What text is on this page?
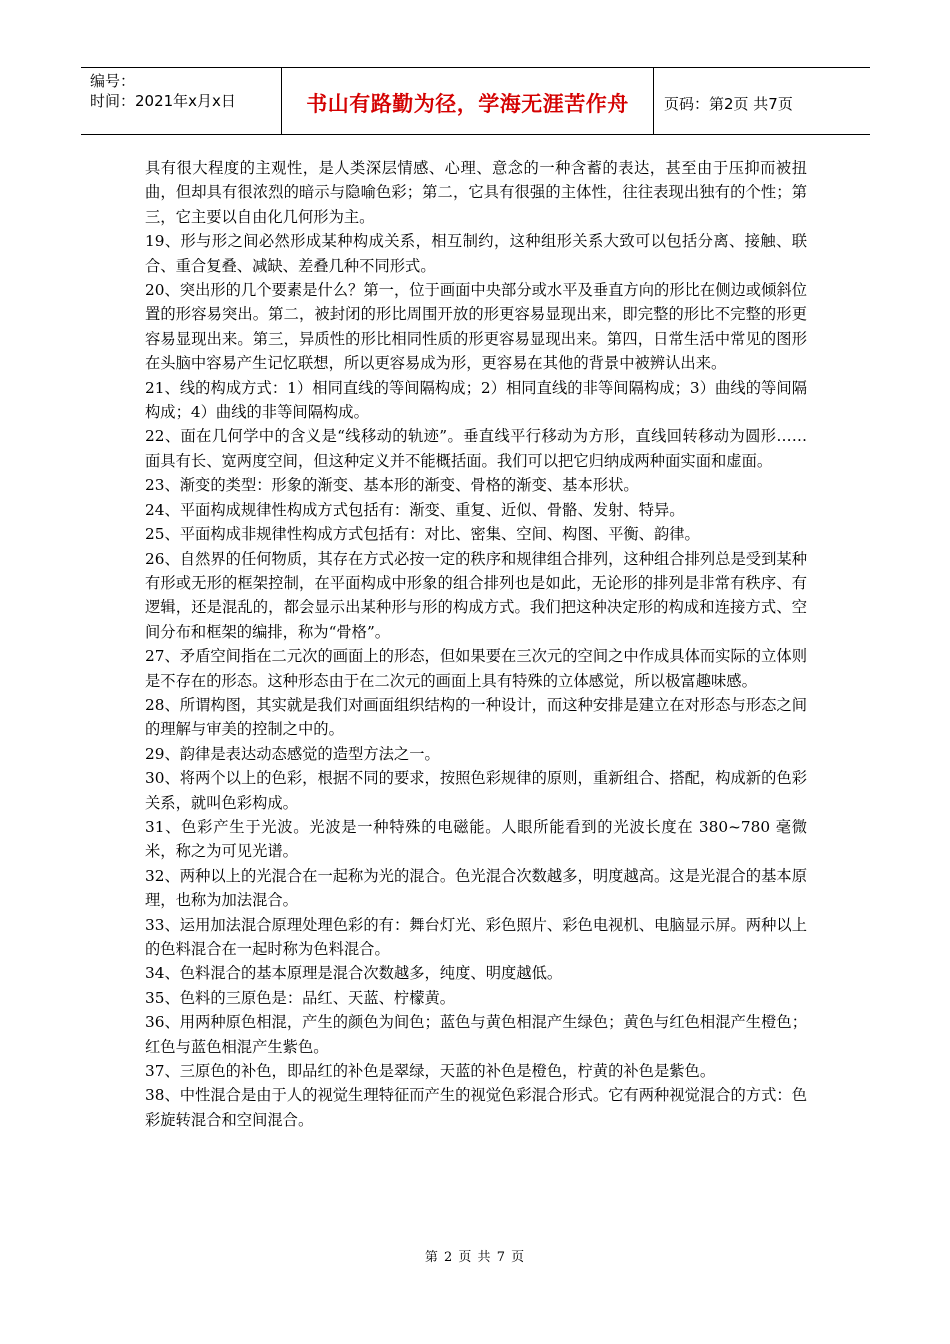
编号：
时间：2021年x月x日	书山有路勤为径，学海无涯苦作舟 页码：第2页 共7页

具有很大程度的主观性，是人类深层情感、心理、意念的一种含蓄的表达，甚至由于压抑而被扭曲，但却具有很浓烈的暗示与隐喻色彩；第二，它具有很强的主体性，往往表现出独有的个性；第三，它主要以自由化几何形为主。

19、形与形之间必然形成某种构成关系，相互制约，这种组形关系大致可以包括分离、接触、联合、重合复叠、减缺、差叠几种不同形式。

20、突出形的几个要素是什么？第一，位于画面中央部分或水平及垂直方向的形比在侧边或倾斜位置的形容易突出。第二，被封闭的形比周围开放的形更容易显现出来，即完整的形比不完整的形更容易显现出来。第三，异质性的形比相同性质的形更容易显现出来。第四，日常生活中常见的图形在头脑中容易产生记忆联想，所以更容易成为形，更容易在其他的背景中被辨认出来。

21、线的构成方式：1）相同直线的等间隔构成；2）相同直线的非等间隔构成；3）曲线的等间隔构成；4）曲线的非等间隔构成。

22、面在几何学中的含义是“线移动的轨迹”。垂直线平行移动为方形，直线回转移动为圆形……面具有长、宽两度空间，但这种定义并不能概括面。我们可以把它归纳成两种面实面和虚面。

23、渐变的类型：形象的渐变、基本形的渐变、骨格的渐变、基本形状。

24、平面构成规律性构成方式包括有：渐变、重复、近似、骨骼、发射、特异。

25、平面构成非规律性构成方式包括有：对比、密集、空间、构图、平衡、韵律。

26、自然界的任何物质，其存在方式必按一定的秩序和规律组合排列，这种组合排列总是受到某种有形或无形的框架控制，在平面构成中形象的组合排列也是如此，无论形的排列是非常有秩序、有逻辑，还是混乱的，都会显示出某种形与形的构成方式。我们把这种决定形的构成和连接方式、空间分布和框架的编排，称为“骨格”。

27、矛盾空间指在二元次的画面上的形态，但如果要在三次元的空间之中作成具体而实际的立体则是不存在的形态。这种形态由于在二次元的画面上具有特殊的立体感觉，所以极富趣味感。

28、所谓构图，其实就是我们对画面组织结构的一种设计，而这种安排是建立在对形态与形态之间的理解与审美的控制之中的。

29、韵律是表达动态感觉的造型方法之一。

30、将两个以上的色彩，根据不同的要求，按照色彩规律的原则，重新组合、搭配，构成新的色彩关系，就叫色彩构成。

31、色彩产生于光波。光波是一种特殊的电磁能。人眼所能看到的光波长度在 380~780 毫微米，称之为可见光谱。

32、两种以上的光混合在一起称为光的混合。色光混合次数越多，明度越高。这是光混合的基本原理，也称为加法混合。

33、运用加法混合原理处理色彩的有：舞台灯光、彩色照片、彩色电视机、电脑显示屏。两种以上的色料混合在一起时称为色料混合。

34、色料混合的基本原理是混合次数越多，纯度、明度越低。

35、色料的三原色是：品红、天蓝、柠檬黄。

36、用两种原色相混，产生的颜色为间色；蓝色与黄色相混产生绿色；黄色与红色相混产生橙色；红色与蓝色相混产生紫色。

37、三原色的补色，即品红的补色是翠绿，天蓝的补色是橙色，柠黄的补色是紫色。

38、中性混合是由于人的视觉生理特征而产生的视觉色彩混合形式。它有两种视觉混合的方式：色彩旋转混合和空间混合。

第 2 页 共 7 页
